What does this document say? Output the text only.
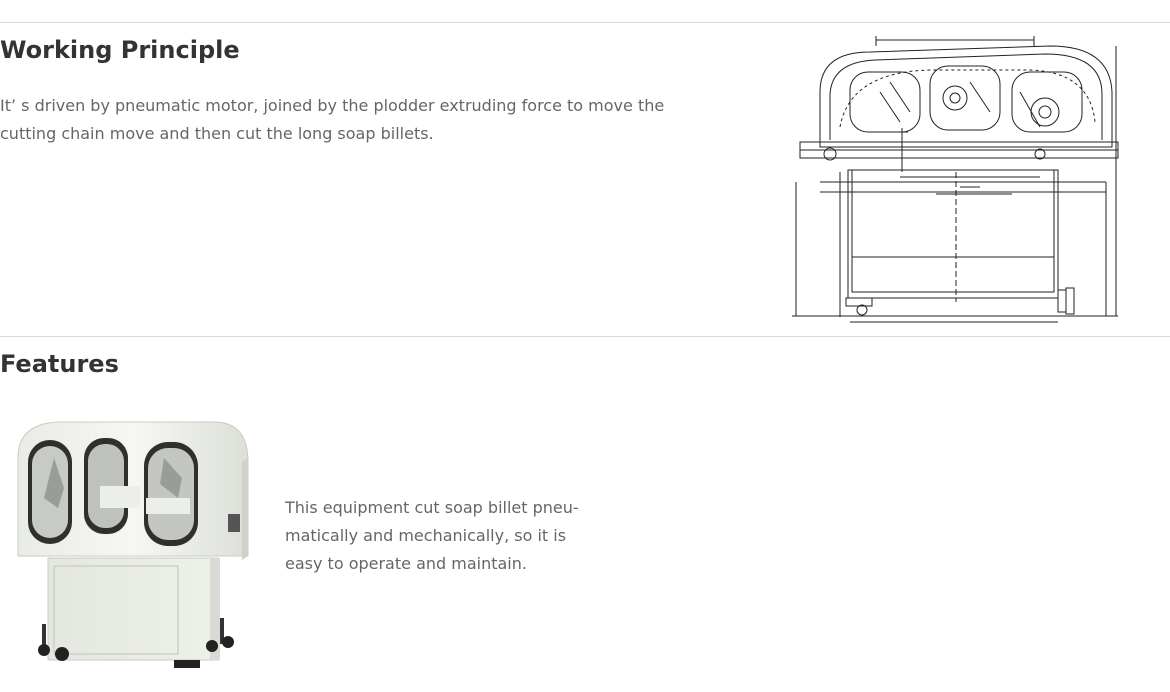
Working Principle

It’ s driven by pneumatic motor, joined by the plodder extruding force to move the

cutting chain move and then cut the long soap billets.

Features

This equipment cut soap billet pneu-

matically and mechanically, so it is

easy to operate and maintain.
